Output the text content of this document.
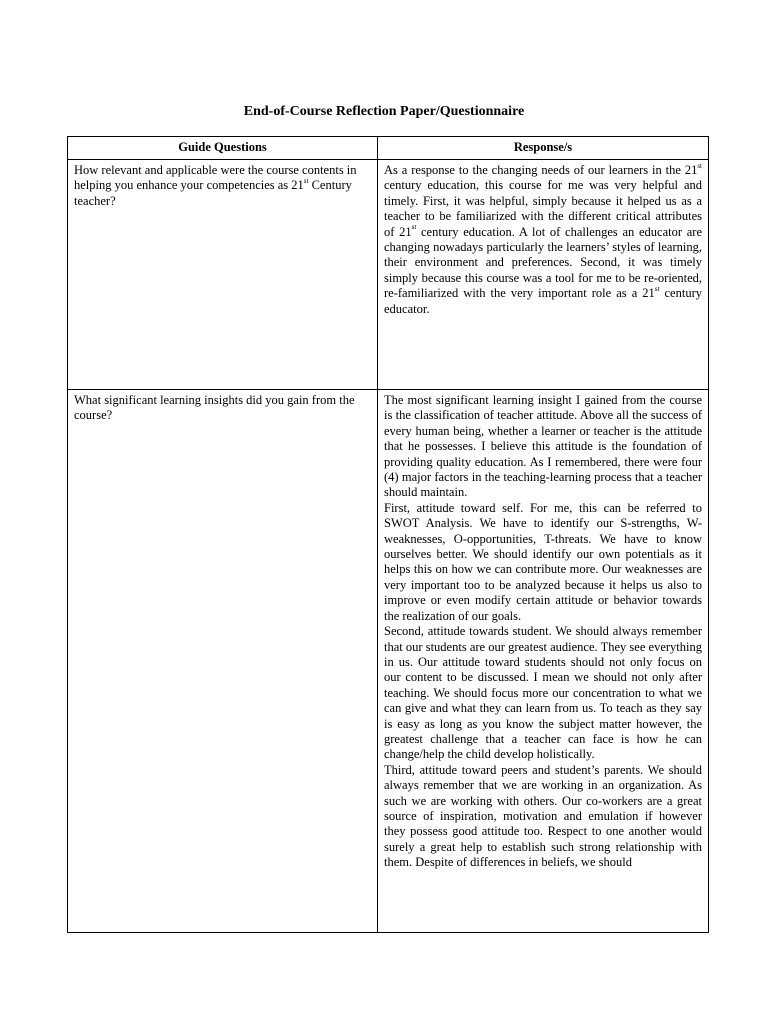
End-of-Course Reflection Paper/Questionnaire
Guide Questions	Response/s
How relevant and applicable were the course contents in helping you enhance your competencies as 21st Century teacher?	As a response to the changing needs of our learners in the 21st century education, this course for me was very helpful and timely. First, it was helpful, simply because it helped us as a teacher to be familiarized with the different critical attributes of 21st century education. A lot of challenges an educator are changing nowadays particularly the learners’ styles of learning, their environment and preferences. Second, it was timely simply because this course was a tool for me to be re-oriented, re-familiarized with the very important role as a 21st century educator.
What significant learning insights did you gain from the course?	The most significant learning insight I gained from the course is the classification of teacher attitude. Above all the success of every human being, whether a learner or teacher is the attitude that he possesses. I believe this attitude is the foundation of providing quality education. As I remembered, there were four (4) major factors in the teaching-learning process that a teacher should maintain.

First, attitude toward self. For me, this can be referred to SWOT Analysis. We have to identify our S-strengths, W-weaknesses, O-opportunities, T-threats. We have to know ourselves better. We should identify our own potentials as it helps this on how we can contribute more. Our weaknesses are very important too to be analyzed because it helps us also to improve or even modify certain attitude or behavior towards the realization of our goals.

Second, attitude towards student. We should always remember that our students are our greatest audience. They see everything in us. Our attitude toward students should not only focus on our content to be discussed. I mean we should not only after teaching. We should focus more our concentration to what we can give and what they can learn from us. To teach as they say is easy as long as you know the subject matter however, the greatest challenge that a teacher can face is how he can change/help the child develop holistically.

Third, attitude toward peers and student’s parents. We should always remember that we are working in an organization. As such we are working with others. Our co-workers are a great source of inspiration, motivation and emulation if however they possess good attitude too. Respect to one another would surely a great help to establish such strong relationship with them. Despite of differences in beliefs, we should
